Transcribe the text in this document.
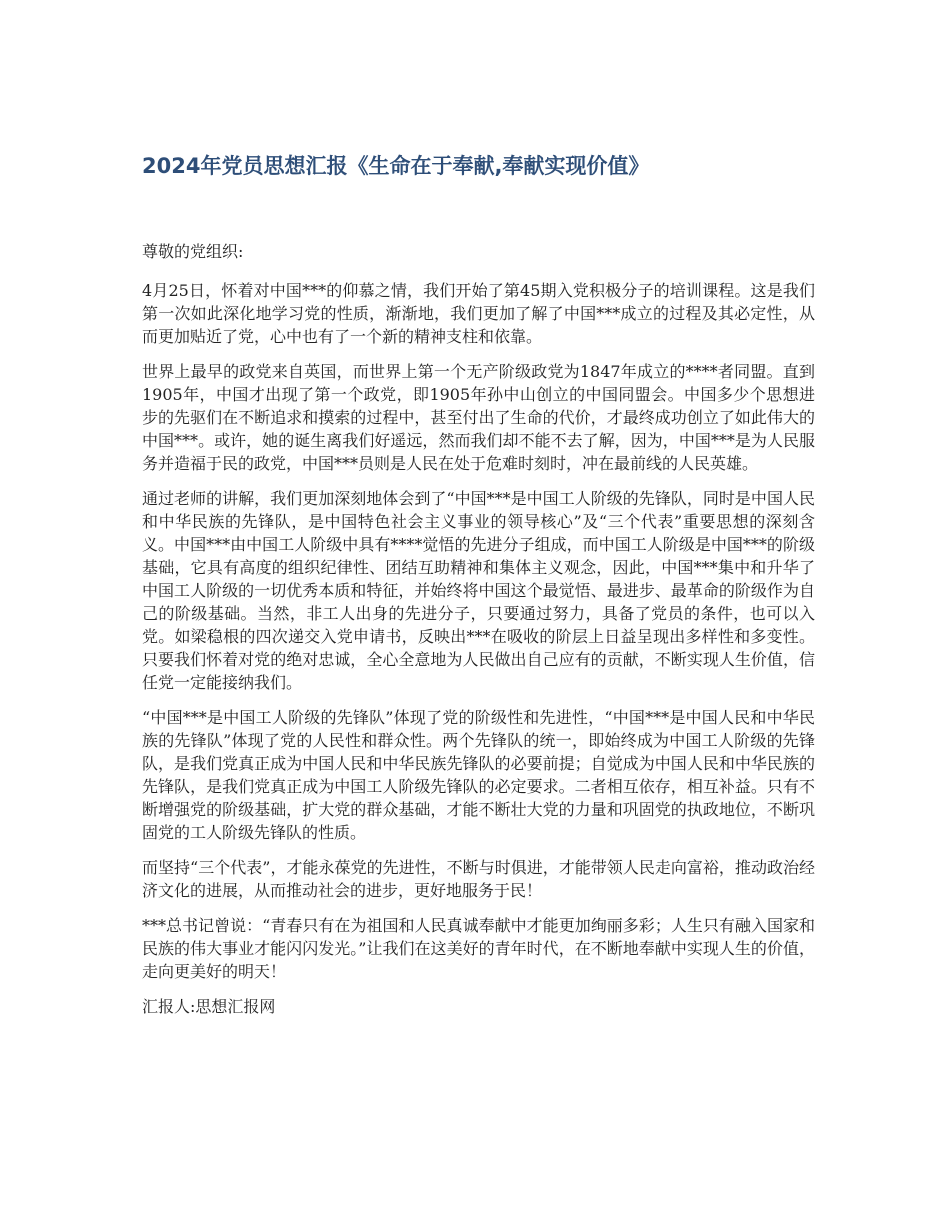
2024年党员思想汇报《生命在于奉献,奉献实现价值》

尊敬的党组织:

4月25日，怀着对中国***的仰慕之情，我们开始了第45期入党积极分子的培训课程。这是我们第一次如此深化地学习党的性质，渐渐地，我们更加了解了中国***成立的过程及其必定性，从而更加贴近了党，心中也有了一个新的精神支柱和依靠。

世界上最早的政党来自英国，而世界上第一个无产阶级政党为1847年成立的****者同盟。直到1905年，中国才出现了第一个政党，即1905年孙中山创立的中国同盟会。中国多少个思想进步的先驱们在不断追求和摸索的过程中，甚至付出了生命的代价，才最终成功创立了如此伟大的中国***。或许，她的诞生离我们好遥远，然而我们却不能不去了解，因为，中国***是为人民服务并造福于民的政党，中国***员则是人民在处于危难时刻时，冲在最前线的人民英雄。

通过老师的讲解，我们更加深刻地体会到了“中国***是中国工人阶级的先锋队，同时是中国人民和中华民族的先锋队，是中国特色社会主义事业的领导核心”及“三个代表”重要思想的深刻含义。中国***由中国工人阶级中具有****觉悟的先进分子组成，而中国工人阶级是中国***的阶级基础，它具有高度的组织纪律性、团结互助精神和集体主义观念，因此，中国***集中和升华了中国工人阶级的一切优秀本质和特征，并始终将中国这个最觉悟、最进步、最革命的阶级作为自己的阶级基础。当然，非工人出身的先进分子，只要通过努力，具备了党员的条件，也可以入党。如梁稳根的四次递交入党申请书，反映出***在吸收的阶层上日益呈现出多样性和多变性。只要我们怀着对党的绝对忠诚，全心全意地为人民做出自己应有的贡献，不断实现人生价值，信任党一定能接纳我们。

“中国***是中国工人阶级的先锋队”体现了党的阶级性和先进性，“中国***是中国人民和中华民族的先锋队”体现了党的人民性和群众性。两个先锋队的统一，即始终成为中国工人阶级的先锋队，是我们党真正成为中国人民和中华民族先锋队的必要前提；自觉成为中国人民和中华民族的先锋队，是我们党真正成为中国工人阶级先锋队的必定要求。二者相互依存，相互补益。只有不断增强党的阶级基础，扩大党的群众基础，才能不断壮大党的力量和巩固党的执政地位，不断巩固党的工人阶级先锋队的性质。

而坚持“三个代表”，才能永葆党的先进性，不断与时俱进，才能带领人民走向富裕，推动政治经济文化的进展，从而推动社会的进步，更好地服务于民！

***总书记曾说：“青春只有在为祖国和人民真诚奉献中才能更加绚丽多彩；人生只有融入国家和民族的伟大事业才能闪闪发光。”让我们在这美好的青年时代，在不断地奉献中实现人生的价值，走向更美好的明天！

汇报人:思想汇报网
